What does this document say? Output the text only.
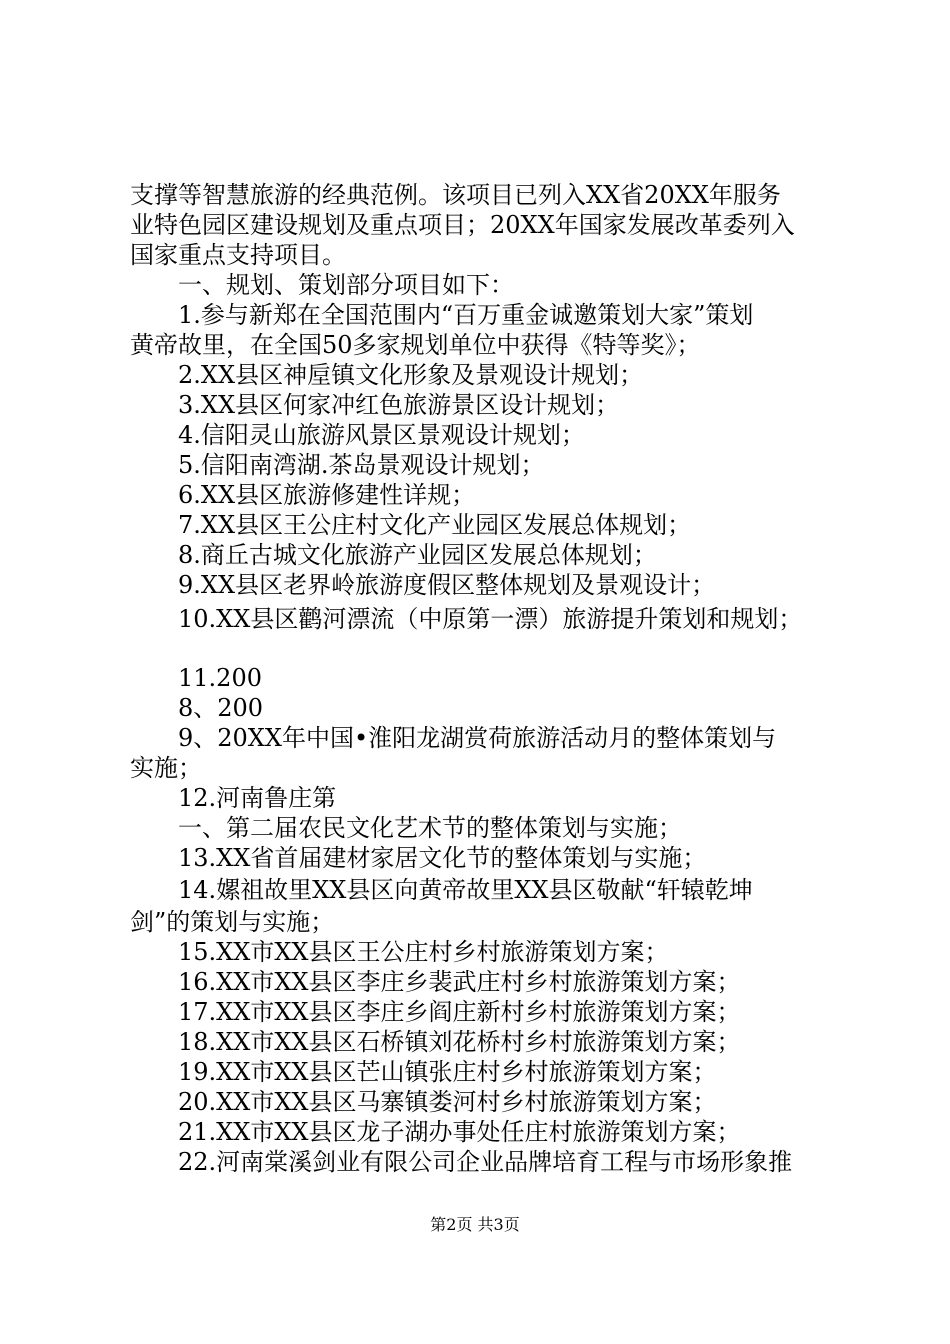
支撑等智慧旅游的经典范例。该项目已列入XX省20XX年服务
业特色园区建设规划及重点项目；20XX年国家发展改革委列入
国家重点支持项目。
一、规划、策划部分项目如下：
1.参与新郑在全国范围内“百万重金诚邀策划大家”策划
黄帝故里，在全国50多家规划单位中获得《特等奖》；
2.XX县区神垕镇文化形象及景观设计规划；
3.XX县区何家冲红色旅游景区设计规划；
4.信阳灵山旅游风景区景观设计规划；
5.信阳南湾湖.茶岛景观设计规划；
6.XX县区旅游修建性详规；
7.XX县区王公庄村文化产业园区发展总体规划；
8.商丘古城文化旅游产业园区发展总体规划；
9.XX县区老界岭旅游度假区整体规划及景观设计；
10.XX县区鹳河漂流（中原第一漂）旅游提升策划和规划；
11.200
8、200
9、20XX年中国•淮阳龙湖赏荷旅游活动月的整体策划与
实施；
12.河南鲁庄第
一、第二届农民文化艺术节的整体策划与实施；
13.XX省首届建材家居文化节的整体策划与实施；
14.嫘祖故里XX县区向黄帝故里XX县区敬献“轩辕乾坤
剑”的策划与实施；
15.XX市XX县区王公庄村乡村旅游策划方案；
16.XX市XX县区李庄乡裴武庄村乡村旅游策划方案；
17.XX市XX县区李庄乡阎庄新村乡村旅游策划方案；
18.XX市XX县区石桥镇刘花桥村乡村旅游策划方案；
19.XX市XX县区芒山镇张庄村乡村旅游策划方案；
20.XX市XX县区马寨镇娄河村乡村旅游策划方案；
21.XX市XX县区龙子湖办事处任庄村旅游策划方案；
22.河南棠溪剑业有限公司企业品牌培育工程与市场形象推
第2页 共3页
